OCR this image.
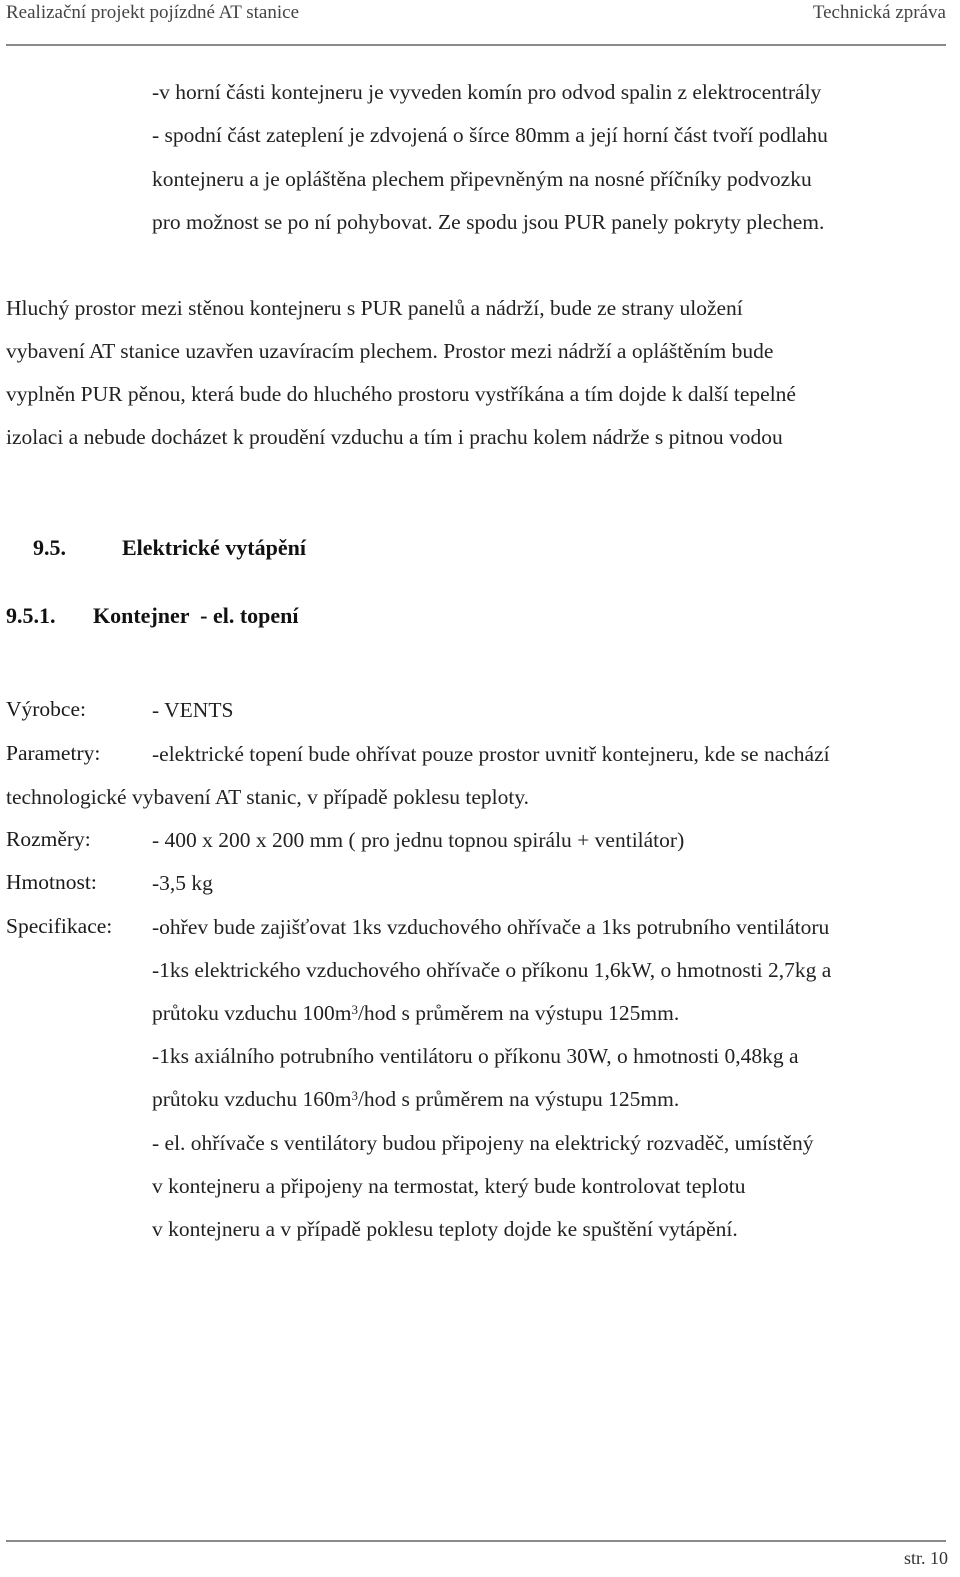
Realizační projekt pojízdné AT stanice	Technická zpráva
-v horní části kontejneru je vyveden komín pro odvod spalin z elektrocentrály
- spodní část zateplení je zdvojená o šírce 80mm a její horní část tvoří podlahu
kontejneru a je opláštěna plechem připevněným na nosné příčníky podvozku
pro možnost se po ní pohybovat. Ze spodu jsou PUR panely pokryty plechem.
Hluchý prostor mezi stěnou kontejneru s PUR panelů a nádrží, bude ze strany uložení
vybavení AT stanice uzavřen uzavíracím plechem. Prostor mezi nádrží a opláštěním bude
vyplněn PUR pěnou, která bude do hluchého prostoru vystříkána a tím dojde k další tepelné
izolaci a nebude docházet k proudění vzduchu a tím i prachu kolem nádrže s pitnou vodou
9.5.	Elektrické vytápění
9.5.1. Kontejner  - el. topení
Výrobce:	- VENTS
Parametry: -elektrické topení bude ohřívat pouze prostor uvnitř kontejneru, kde se nachází
technologické vybavení AT stanic, v případě poklesu teploty.
Rozměry:	- 400 x 200 x 200 mm ( pro jednu topnou spirálu + ventilátor)
Hmotnost:	-3,5 kg
Specifikace: -ohřev bude zajišťovat 1ks vzduchového ohřívače a 1ks potrubního ventilátoru
-1ks elektrického vzduchového ohřívače o příkonu 1,6kW, o hmotnosti 2,7kg a
průtoku vzduchu $100m^3$/hod s průměrem na výstupu 125mm.
-1ks axiálního potrubního ventilátoru o příkonu 30W, o hmotnosti 0,48kg a
průtoku vzduchu $160m^3$/hod s průměrem na výstupu 125mm.
- el. ohřívače s ventilátory budou připojeny na elektrický rozvaděč, umístěný
v kontejneru a připojeny na termostat, který bude kontrolovat teplotu
v kontejneru a v případě poklesu teploty dojde ke spuštění vytápění.
str. 10
